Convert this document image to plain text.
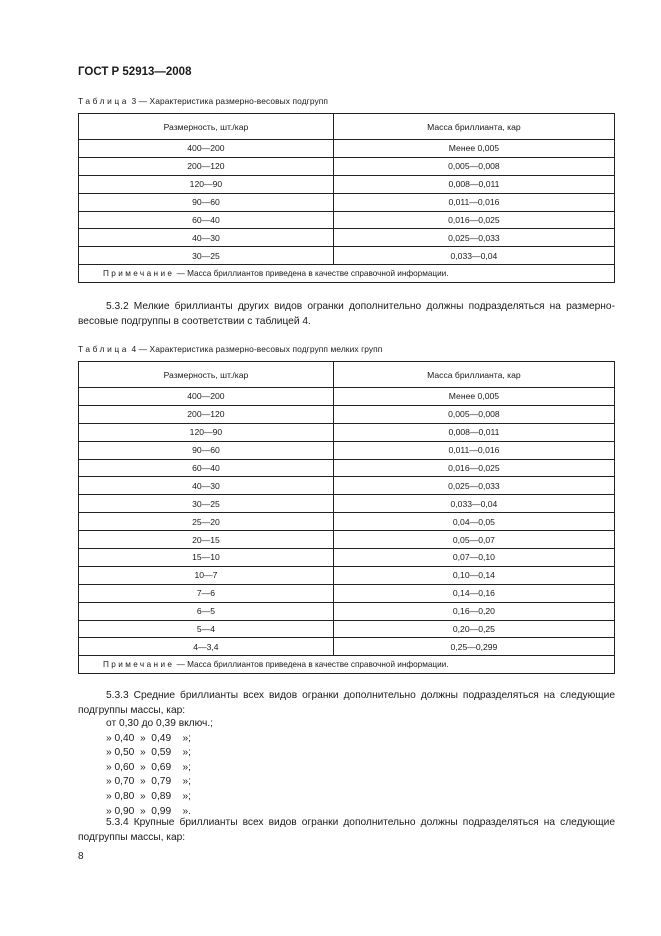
ГОСТ Р 52913—2008
Таблица 3 — Характеристика размерно-весовых подгрупп
Размерность, шт./кар	Масса бриллианта, кар
400—200	Менее 0,005
200—120	0,005—0,008
120—90	0,008—0,011
90—60	0,011—0,016
60—40	0,016—0,025
40—30	0,025—0,033
30—25	0,033—0,04
Примечание — Масса бриллиантов приведена в качестве справочной информации.	
5.3.2 Мелкие бриллианты других видов огранки дополнительно должны подразделяться на размерно-весовые подгруппы в соответствии с таблицей 4.
Таблица 4 — Характеристика размерно-весовых подгрупп мелких групп
Размерность, шт./кар	Масса бриллианта, кар
400—200	Менее 0,005
200—120	0,005—0,008
120—90	0,008—0,011
90—60	0,011—0,016
60—40	0,016—0,025
40—30	0,025—0,033
30—25	0,033—0,04
25—20	0,04—0,05
20—15	0,05—0,07
15—10	0,07—0,10
10—7	0,10—0,14
7—6	0,14—0,16
6—5	0,16—0,20
5—4	0,20—0,25
4—3,4	0,25—0,299
Примечание — Масса бриллиантов приведена в качестве справочной информации.	
5.3.3 Средние бриллианты всех видов огранки дополнительно должны подразделяться на следующие подгруппы массы, кар:
от 0,30 до 0,39 включ.;
» 0,40  »  0,49    »;
» 0,50  »  0,59    »;
» 0,60  »  0,69    »;
» 0,70  »  0,79    »;
» 0,80  »  0,89    »;
» 0,90  »  0,99    ».
5.3.4 Крупные бриллианты всех видов огранки дополнительно должны подразделяться на следующие подгруппы массы, кар:
8
